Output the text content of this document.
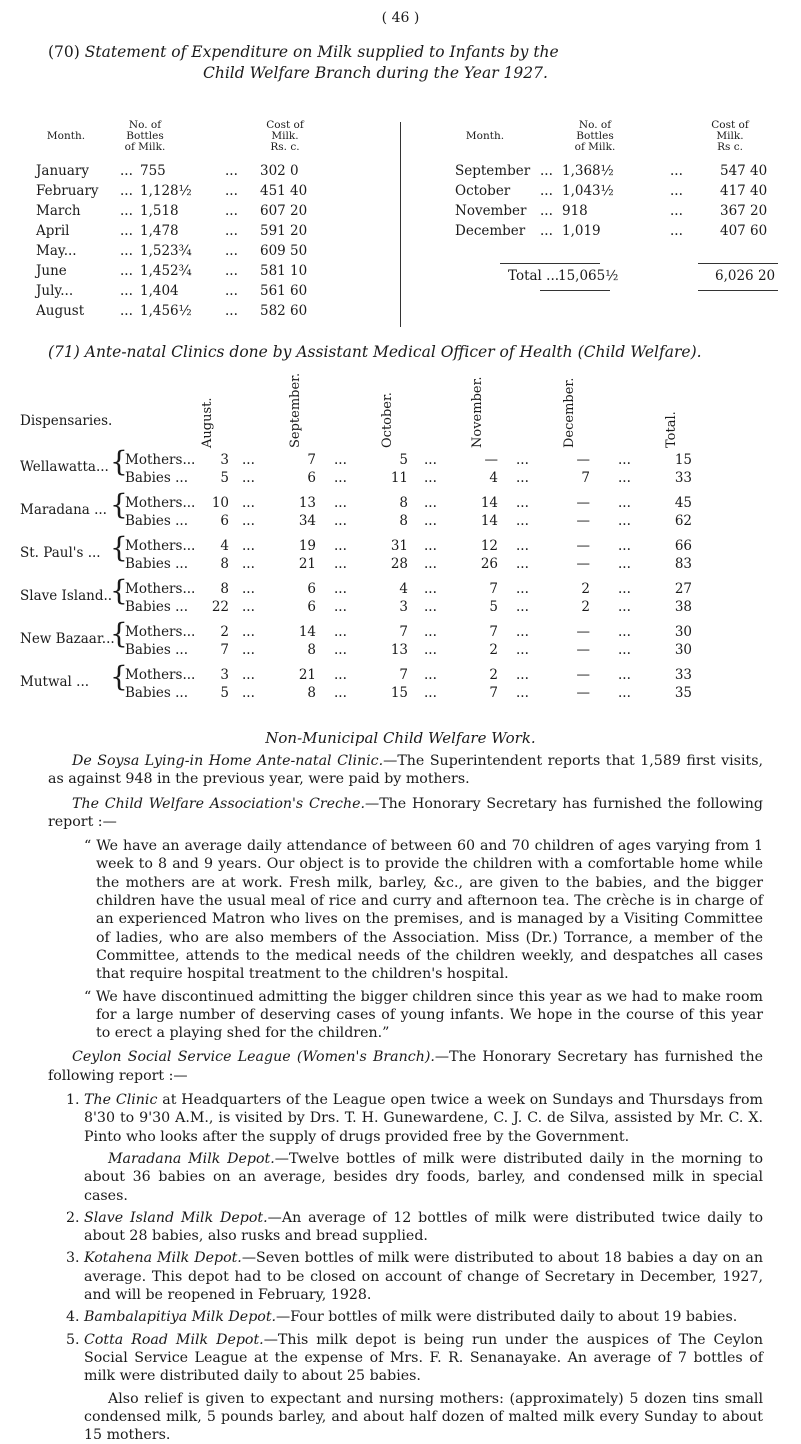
( 46 )
(70) Statement of Expenditure on Milk supplied to Infants by the
Child Welfare Branch during the Year 1927.
Month.
No. of
Bottles
of Milk.
Cost of
Milk.
Rs. c.
Month.
No. of
Bottles
of Milk.
Cost of
Milk.
Rs c.
January ... 755	... 302 0
February ... 1,128½ ... 451 40
March	... 1,518	... 607 20
April	... 1,478	... 591 20
May...	... 1,523¾ ... 609 50
June	... 1,452¾ ... 581 10
July...	... 1,404	... 561 60
August	... 1,456½ ... 582 60
September ... 1,368½	...	547 40
October ... 1,043½	...	417 40
November ... 918	...	367 20
December ... 1,019	...	407 60
Total ...
15,065½	6,026 20
(71) Ante-natal Clinics done by Assistant Medical Officer of Health (Child Welfare).
Dispensaries.	August.	September.	October.	November.	December.	Total.
Wellawatta... {
Mothers...	3 ...	7 ...	5 ...	— ...	— ...	15
Babies ...	5 ...	6 ...	11 ...	4 ...	7 ...	33
Maradana ... {
Mothers...	10 ...	13 ...	8 ...	14 ...	— ...	45
Babies ...	6 ...	34 ...	8 ...	14 ...	— ...	62
St. Paul's ... {
Mothers...	4 ...	19 ...	31 ...	12 ...	— ...	66
Babies ...	8 ...	21 ...	28 ...	26 ...	— ...	83
Slave Island..
{
Mothers...	8 ...	6 ...	4 ...	7 ...	2 ...	27
Babies ...	22 ...	6 ...	3 ...	5 ...	2 ...	38
New Bazaar...
{
Mothers...	2 ...	14 ...	7 ...	7 ...	— ...	30
Babies ...	7 ...	8 ...	13 ...	2 ...	— ...	30
Mutwal ... {
Mothers...	3 ...	21 ...	7 ...	2 ...	— ...	33
Babies ...	5 ...	8 ...	15 ...	7 ...	— ...	35
Non-Municipal Child Welfare Work.

De Soysa Lying-in Home Ante-natal Clinic.—The Superintendent reports that 1,589 first visits, as against 948 in the previous year, were paid by mothers.

The Child Welfare Association's Creche.—The Honorary Secretary has furnished the following report :—

“ We have an average daily attendance of between 60 and 70 children of ages varying from 1 week to 8 and 9 years. Our object is to provide the children with a comfortable home while the mothers are at work. Fresh milk, barley, &c., are given to the babies, and the bigger children have the usual meal of rice and curry and afternoon tea. The crèche is in charge of an experienced Matron who lives on the premises, and is managed by a Visiting Committee of ladies, who are also members of the Association. Miss (Dr.) Torrance, a member of the Committee, attends to the medical needs of the children weekly, and despatches all cases that require hospital treatment to the children's hospital.

“ We have discontinued admitting the bigger children since this year as we had to make room for a large number of deserving cases of young infants. We hope in the course of this year to erect a playing shed for the children.”

Ceylon Social Service League (Women's Branch).—The Honorary Secretary has furnished the following report :—

1. The Clinic at Headquarters of the League open twice a week on Sundays and Thursdays from 8'30 to 9'30 A.M., is visited by Drs. T. H. Gunewardene, C. J. C. de Silva, assisted by Mr. C. X. Pinto who looks after the supply of drugs provided free by the Government.
Maradana Milk Depot.—Twelve bottles of milk were distributed daily in the morning to about 36 babies on an average, besides dry foods, barley, and condensed milk in special cases.
2. Slave Island Milk Depot.—An average of 12 bottles of milk were distributed twice daily to about 28 babies, also rusks and bread supplied.
3. Kotahena Milk Depot.—Seven bottles of milk were distributed to about 18 babies a day on an average. This depot had to be closed on account of change of Secretary in December, 1927, and will be reopened in February, 1928.
4. Bambalapitiya Milk Depot.—Four bottles of milk were distributed daily to about 19 babies.
5. Cotta Road Milk Depot.—This milk depot is being run under the auspices of The Ceylon Social Service League at the expense of Mrs. F. R. Senanayake. An average of 7 bottles of milk were distributed daily to about 25 babies.

Also relief is given to expectant and nursing mothers: (approximately) 5 dozen tins small condensed milk, 5 pounds barley, and about half dozen of malted milk every Sunday to about 15 mothers.
